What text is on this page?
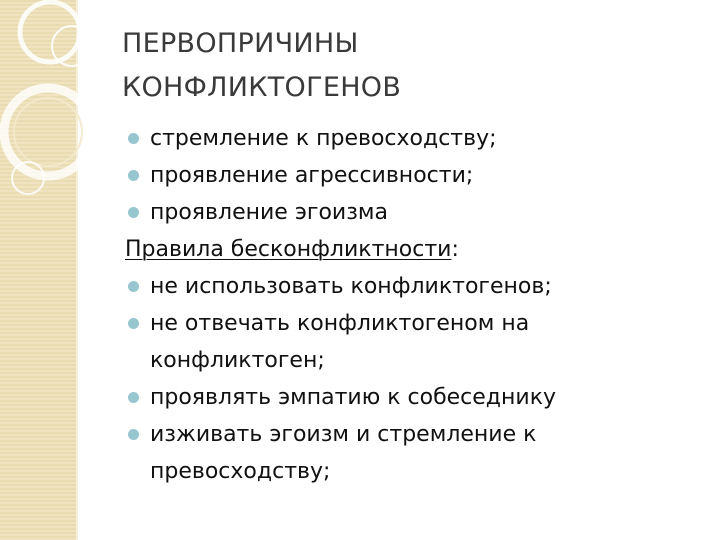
ПЕРВОПРИЧИНЫ
КОНФЛИКТОГЕНОВ

стремление к превосходству;

проявление агрессивности;

проявление эгоизма

Правила бесконфликтности:

не использовать конфликтогенов;

не отвечать конфликтогеном на конфликтоген;

проявлять эмпатию к собеседнику

изживать эгоизм и стремление к превосходству;
